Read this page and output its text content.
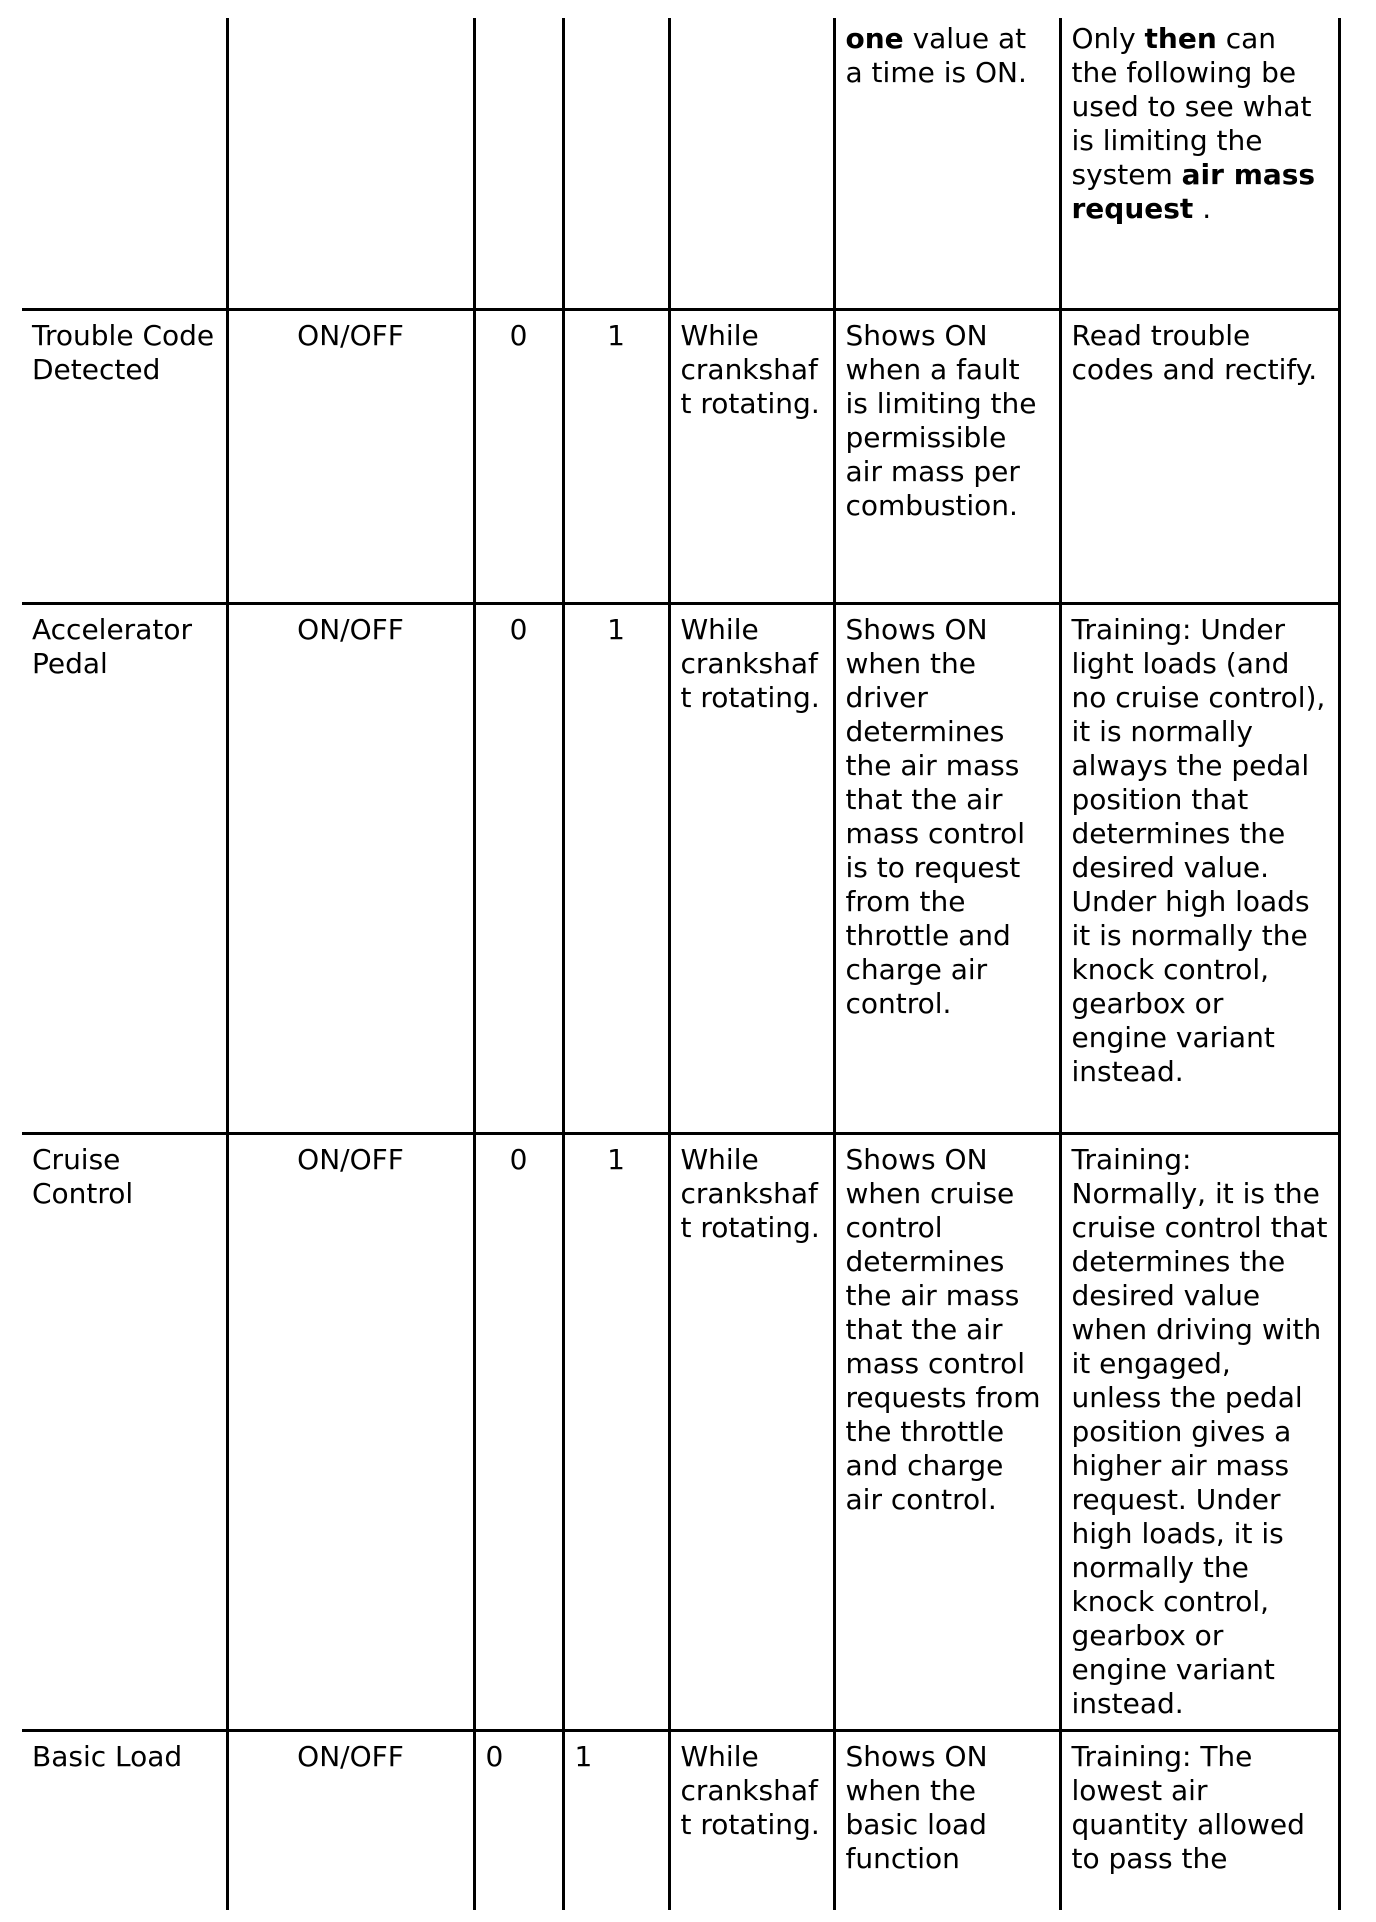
					one value at a time is ON.	Only then can the following be used to see what is limiting the system air mass request .
Trouble Code Detected	ON/OFF	0	1	While crankshaft rotating.	Shows ON when a fault is limiting the permissible air mass per combustion.	Read trouble codes and rectify.
Accelerator Pedal	ON/OFF	0	1	While crankshaft rotating.	Shows ON when the driver determines the air mass that the air mass control is to request from the throttle and charge air control.	Training: Under light loads (and no cruise control), it is normally always the pedal position that determines the desired value. Under high loads it is normally the knock control, gearbox or engine variant instead.
Cruise Control	ON/OFF	0	1	While crankshaft rotating.	Shows ON when cruise control determines the air mass that the air mass control requests from the throttle and charge air control.	Training: Normally, it is the cruise control that determines the desired value when driving with it engaged, unless the pedal position gives a higher air mass request. Under high loads, it is normally the knock control, gearbox or engine variant instead.
Basic Load	ON/OFF	0	1	While crankshaft rotating.	Shows ON when the basic load function	Training: The lowest air quantity allowed to pass the
